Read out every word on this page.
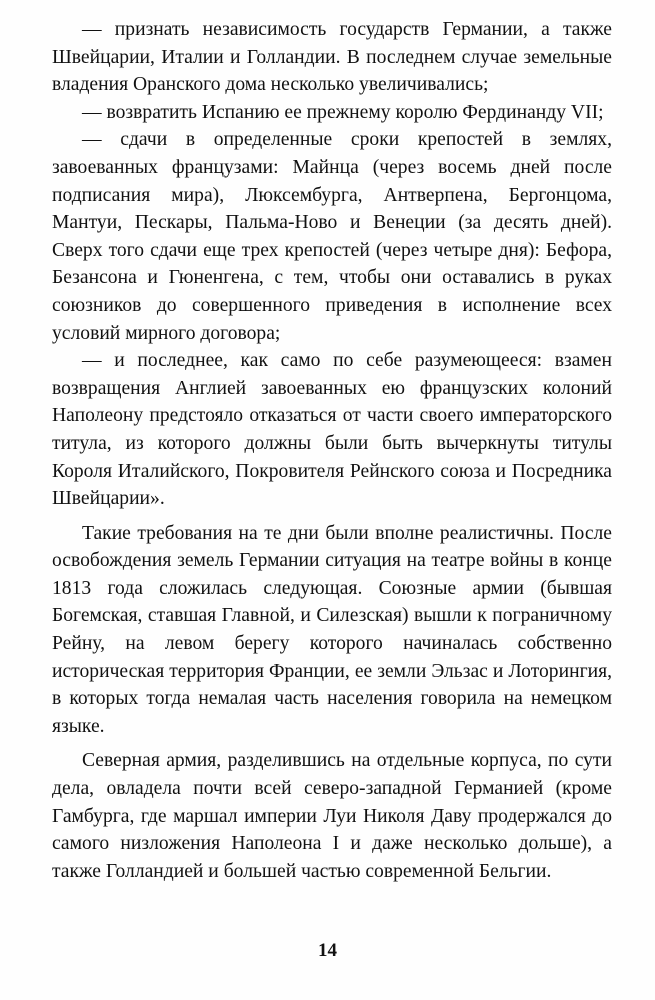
— признать независимость государств Германии, а также Швейцарии, Италии и Голландии. В последнем случае земельные владения Оранского дома несколько увеличивались;

— возвратить Испанию ее прежнему королю Фердинанду VII;

— сдачи в определенные сроки крепостей в землях, завоеванных французами: Майнца (через восемь дней после подписания мира), Люксембурга, Антверпена, Бергонцома, Мантуи, Пескары, Пальма-Ново и Венеции (за десять дней). Сверх того сдачи еще трех крепостей (через четыре дня): Бефора, Безансона и Гюненгена, с тем, чтобы они оставались в руках союзников до совершенного приведения в исполнение всех условий мирного договора;

— и последнее, как само по себе разумеющееся: взамен возвращения Англией завоеванных ею французских колоний Наполеону предстояло отказаться от части своего императорского титула, из которого должны были быть вычеркнуты титулы Короля Италийского, Покровителя Рейнского союза и Посредника Швейцарии».

Такие требования на те дни были вполне реалистичны. После освобождения земель Германии ситуация на театре войны в конце 1813 года сложилась следующая. Союзные армии (бывшая Богемская, ставшая Главной, и Силезская) вышли к пограничному Рейну, на левом берегу которого начиналась собственно историческая территория Франции, ее земли Эльзас и Лоторингия, в которых тогда немалая часть населения говорила на немецком языке.

Северная армия, разделившись на отдельные корпуса, по сути дела, овладела почти всей северо-западной Германией (кроме Гамбурга, где маршал империи Луи Николя Даву продержался до самого низложения Наполеона I и даже несколько дольше), а также Голландией и большей частью современной Бельгии.

14
